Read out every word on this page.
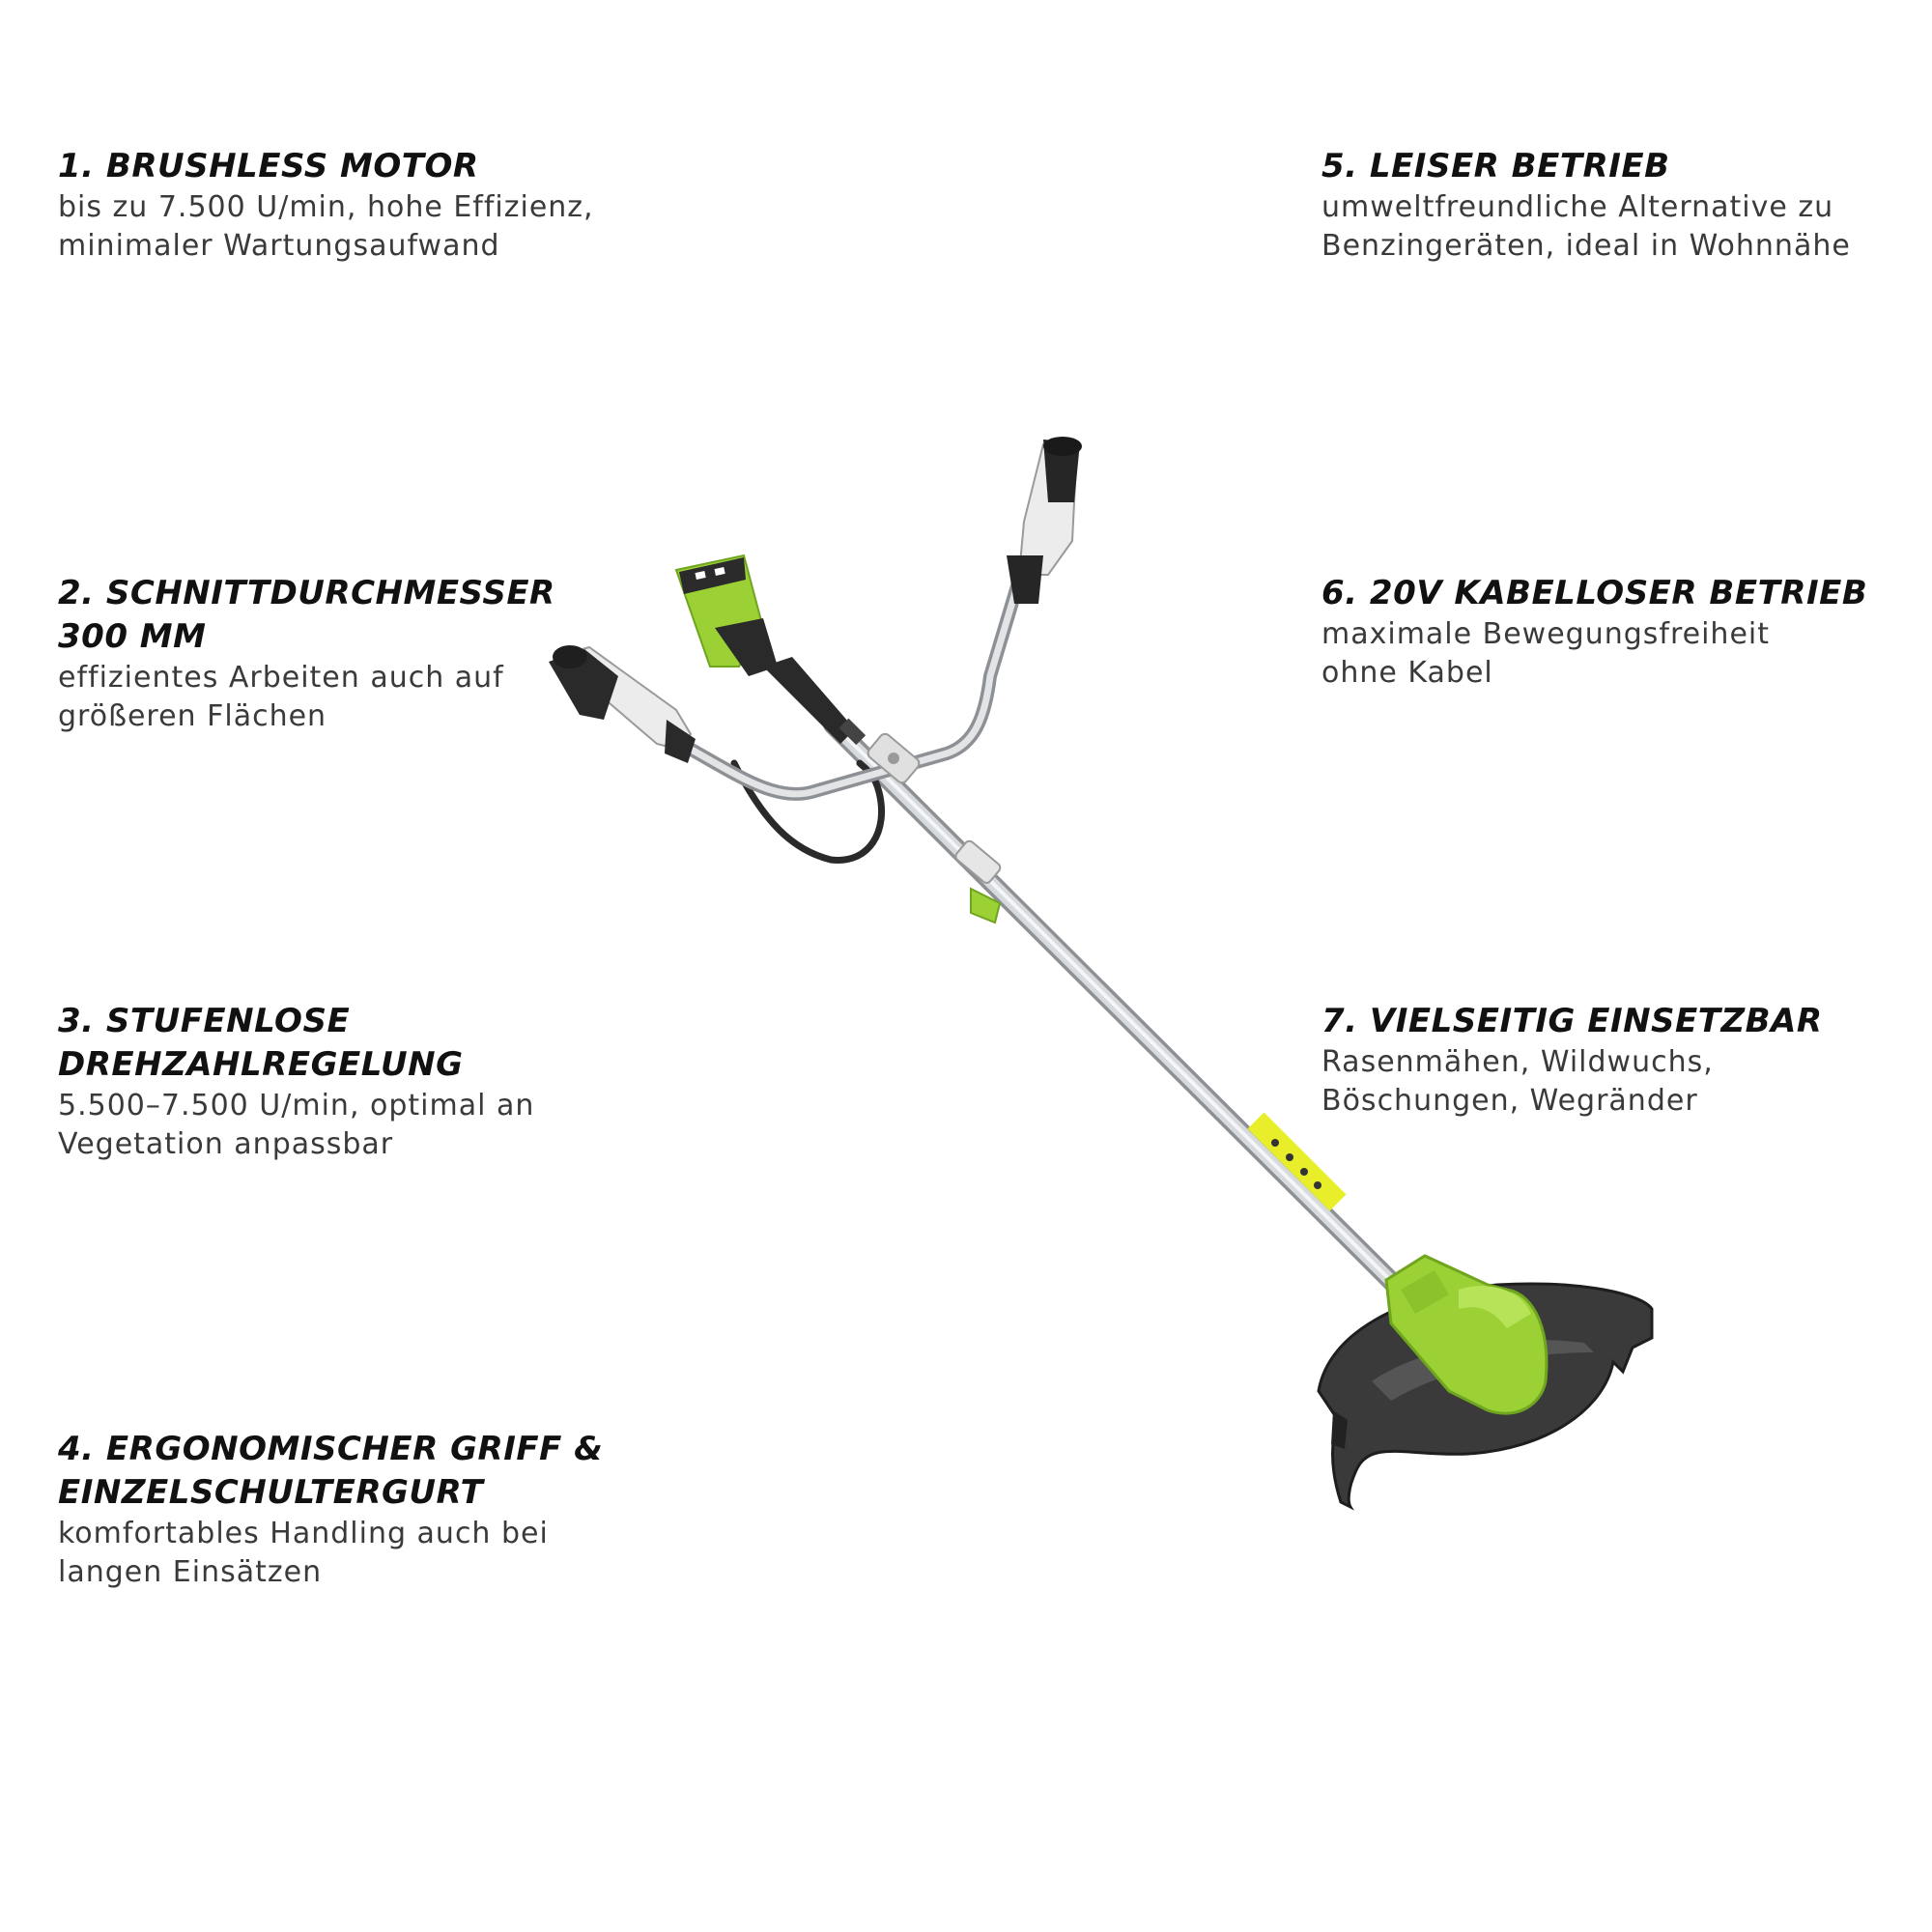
1. BRUSHLESS MOTOR
bis zu 7.500 U/min, hohe Effizienz,
minimaler Wartungsaufwand
2. SCHNITTDURCHMESSER
300 MM
effizientes Arbeiten auch auf
größeren Flächen
3. STUFENLOSE
DREHZAHLREGELUNG
5.500–7.500 U/min, optimal an
Vegetation anpassbar
4. ERGONOMISCHER GRIFF &
EINZELSCHULTERGURT
komfortables Handling auch bei
langen Einsätzen
5. LEISER BETRIEB
umweltfreundliche Alternative zu
Benzingeräten, ideal in Wohnnähe
6. 20V KABELLOSER BETRIEB
maximale Bewegungsfreiheit
ohne Kabel
7. VIELSEITIG EINSETZBAR
Rasenmähen, Wildwuchs,
Böschungen, Wegränder
